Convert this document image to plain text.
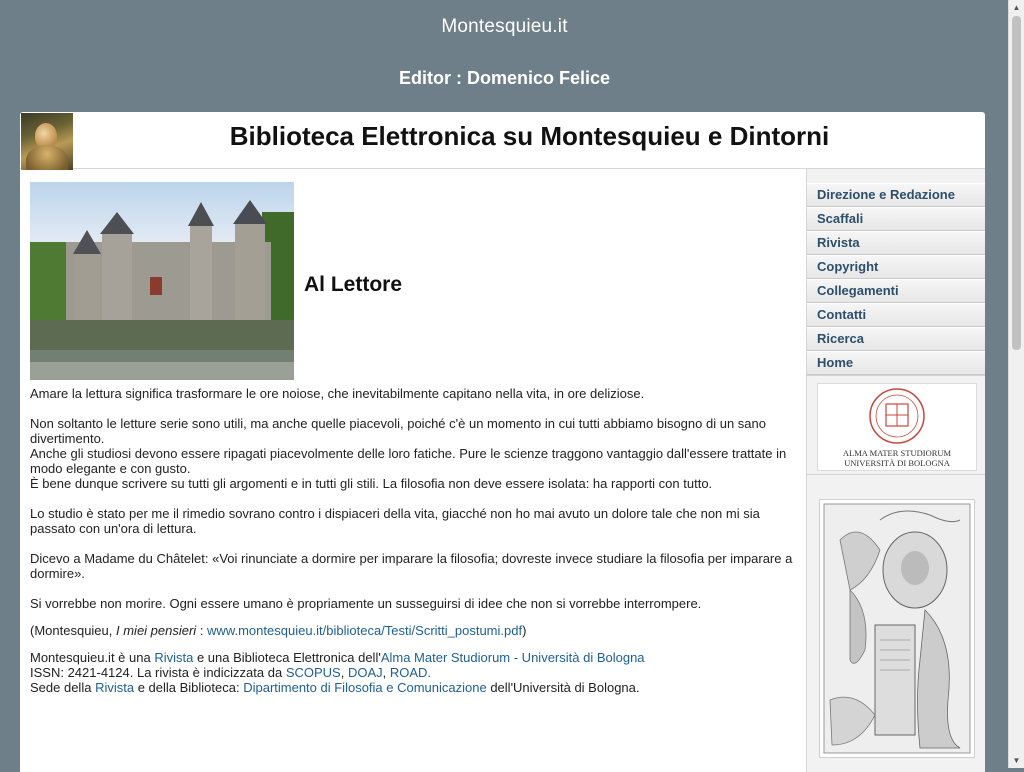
Montesquieu.it
Editor : Domenico Felice
Biblioteca Elettronica su Montesquieu e Dintorni
Al Lettore

Amare la lettura significa trasformare le ore noiose, che inevitabilmente capitano nella vita, in ore deliziose.

Non soltanto le letture serie sono utili, ma anche quelle piacevoli, poiché c'è un momento in cui tutti abbiamo bisogno di un sano divertimento.

Anche gli studiosi devono essere ripagati piacevolmente delle loro fatiche. Pure le scienze traggono vantaggio dall'essere trattate in modo elegante e con gusto.

È bene dunque scrivere su tutti gli argomenti e in tutti gli stili. La filosofia non deve essere isolata: ha rapporti con tutto.

Lo studio è stato per me il rimedio sovrano contro i dispiaceri della vita, giacché non ho mai avuto un dolore tale che non mi sia passato con un'ora di lettura.

Dicevo a Madame du Châtelet: «Voi rinunciate a dormire per imparare la filosofia; dovreste invece studiare la filosofia per imparare a dormire».

Si vorrebbe non morire. Ogni essere umano è propriamente un susseguirsi di idee che non si vorrebbe interrompere.

(Montesquieu, I miei pensieri : www.montesquieu.it/biblioteca/Testi/Scritti_postumi.pdf)

Montesquieu.it è una Rivista e una Biblioteca Elettronica dell'Alma Mater Studiorum - Università di Bologna

ISSN: 2421-4124. La rivista è indicizzata da SCOPUS, DOAJ, ROAD.

Sede della Rivista e della Biblioteca: Dipartimento di Filosofia e Comunicazione dell'Università di Bologna.

Direzione e Redazione
Scaffali
Rivista
Copyright
Collegamenti
Contatti
Ricerca
Home
ALMA MATER STUDIORUM
UNIVERSITÀ DI BOLOGNA
▲
▼
